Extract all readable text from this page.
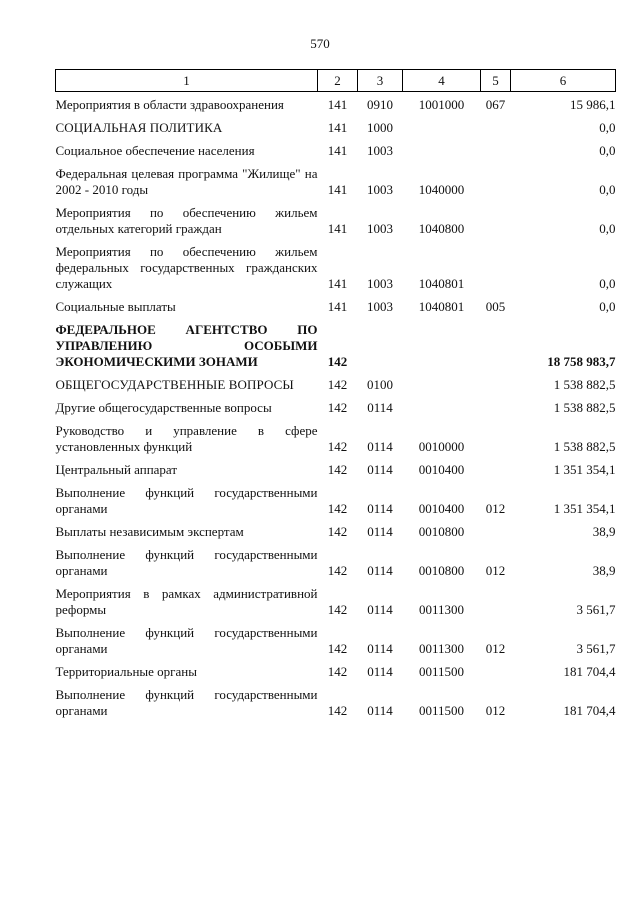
570
1	2	3	4	5	6
Мероприятия в области здравоохранения	141	0910	1001000	067	15 986,1
СОЦИАЛЬНАЯ ПОЛИТИКА	141	1000			0,0
Социальное обеспечение населения	141	1003			0,0
Федеральная целевая программа "Жилище" на 2002 - 2010 годы	141	1003	1040000		0,0
Мероприятия по обеспечению жильем отдельных категорий граждан	141	1003	1040800		0,0
Мероприятия по обеспечению жильем федеральных государственных гражданских служащих	141	1003	1040801		0,0
Социальные выплаты	141	1003	1040801	005	0,0
ФЕДЕРАЛЬНОЕ АГЕНТСТВО ПО УПРАВЛЕНИЮ ОСОБЫМИ ЭКОНОМИЧЕСКИМИ ЗОНАМИ	142				18 758 983,7
ОБЩЕГОСУДАРСТВЕННЫЕ ВОПРОСЫ	142	0100			1 538 882,5
Другие общегосударственные вопросы	142	0114			1 538 882,5
Руководство и управление в сфере установленных функций	142	0114	0010000		1 538 882,5
Центральный аппарат	142	0114	0010400		1 351 354,1
Выполнение функций государственными органами	142	0114	0010400	012	1 351 354,1
Выплаты независимым экспертам	142	0114	0010800		38,9
Выполнение функций государственными органами	142	0114	0010800	012	38,9
Мероприятия в рамках административной реформы	142	0114	0011300		3 561,7
Выполнение функций государственными органами	142	0114	0011300	012	3 561,7
Территориальные органы	142	0114	0011500		181 704,4
Выполнение функций государственными органами	142	0114	0011500	012	181 704,4
